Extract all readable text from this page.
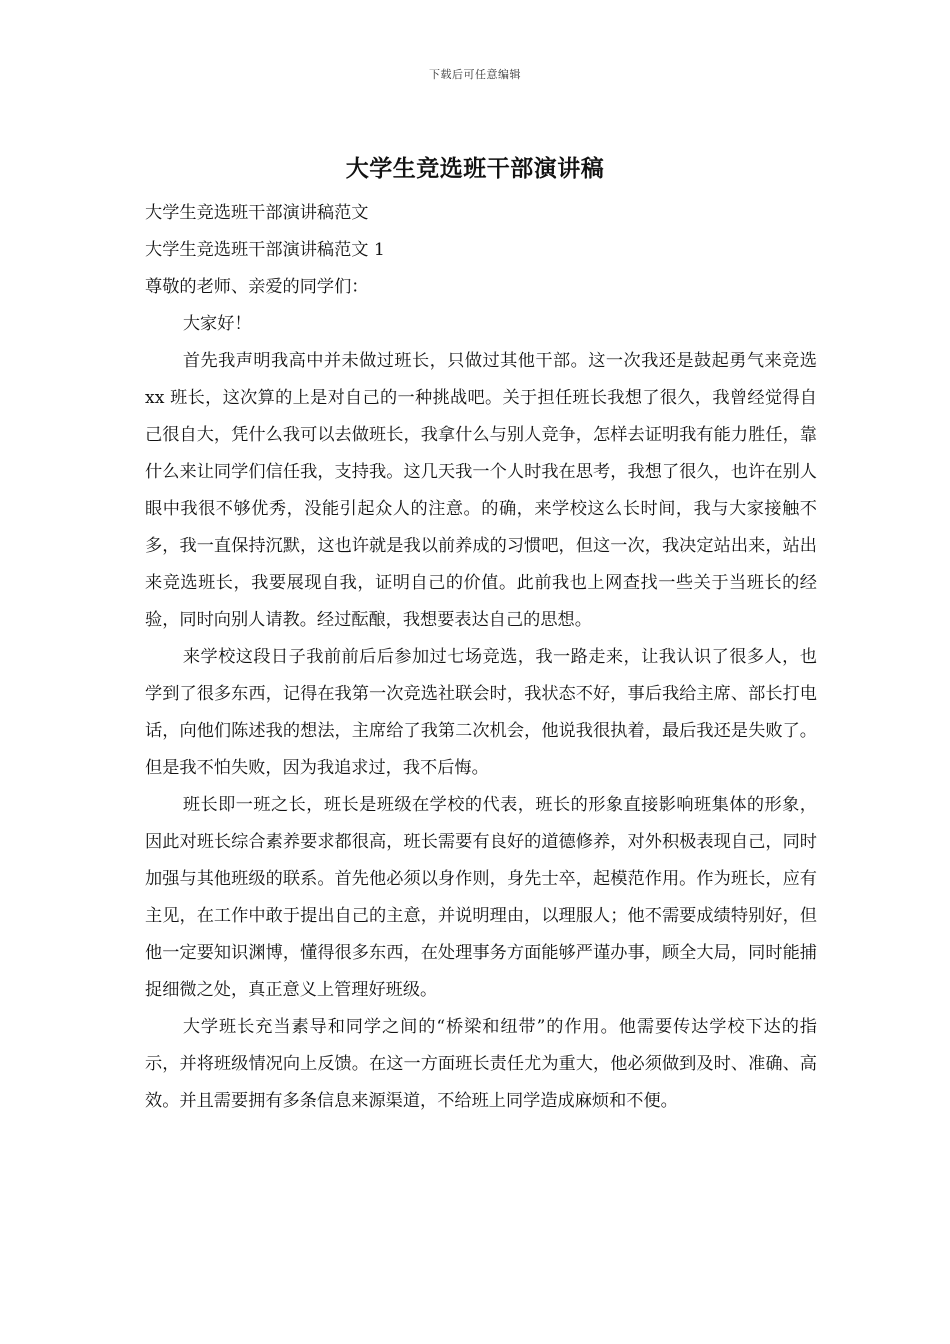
下载后可任意编辑
大学生竞选班干部演讲稿

大学生竞选班干部演讲稿范文

大学生竞选班干部演讲稿范文 1

尊敬的老师、亲爱的同学们：

大家好！

首先我声明我高中并未做过班长，只做过其他干部。这一次我还是鼓起勇气来竞选 xx 班长，这次算的上是对自己的一种挑战吧。关于担任班长我想了很久，我曾经觉得自己很自大，凭什么我可以去做班长，我拿什么与别人竞争，怎样去证明我有能力胜任，靠什么来让同学们信任我，支持我。这几天我一个人时我在思考，我想了很久，也许在别人眼中我很不够优秀，没能引起众人的注意。的确，来学校这么长时间，我与大家接触不多，我一直保持沉默，这也许就是我以前养成的习惯吧，但这一次，我决定站出来，站出来竞选班长，我要展现自我，证明自己的价值。此前我也上网查找一些关于当班长的经验，同时向别人请教。经过酝酿，我想要表达自己的思想。

来学校这段日子我前前后后参加过七场竞选，我一路走来，让我认识了很多人，也学到了很多东西，记得在我第一次竞选社联会时，我状态不好，事后我给主席、部长打电话，向他们陈述我的想法，主席给了我第二次机会，他说我很执着，最后我还是失败了。但是我不怕失败，因为我追求过，我不后悔。

班长即一班之长，班长是班级在学校的代表，班长的形象直接影响班集体的形象，因此对班长综合素养要求都很高，班长需要有良好的道德修养，对外积极表现自己，同时加强与其他班级的联系。首先他必须以身作则，身先士卒，起模范作用。作为班长，应有主见，在工作中敢于提出自己的主意，并说明理由，以理服人；他不需要成绩特别好，但他一定要知识渊博，懂得很多东西，在处理事务方面能够严谨办事，顾全大局，同时能捕捉细微之处，真正意义上管理好班级。

大学班长充当素导和同学之间的“桥梁和纽带”的作用。他需要传达学校下达的指示，并将班级情况向上反馈。在这一方面班长责任尤为重大，他必须做到及时、准确、高效。并且需要拥有多条信息来源渠道，不给班上同学造成麻烦和不便。
